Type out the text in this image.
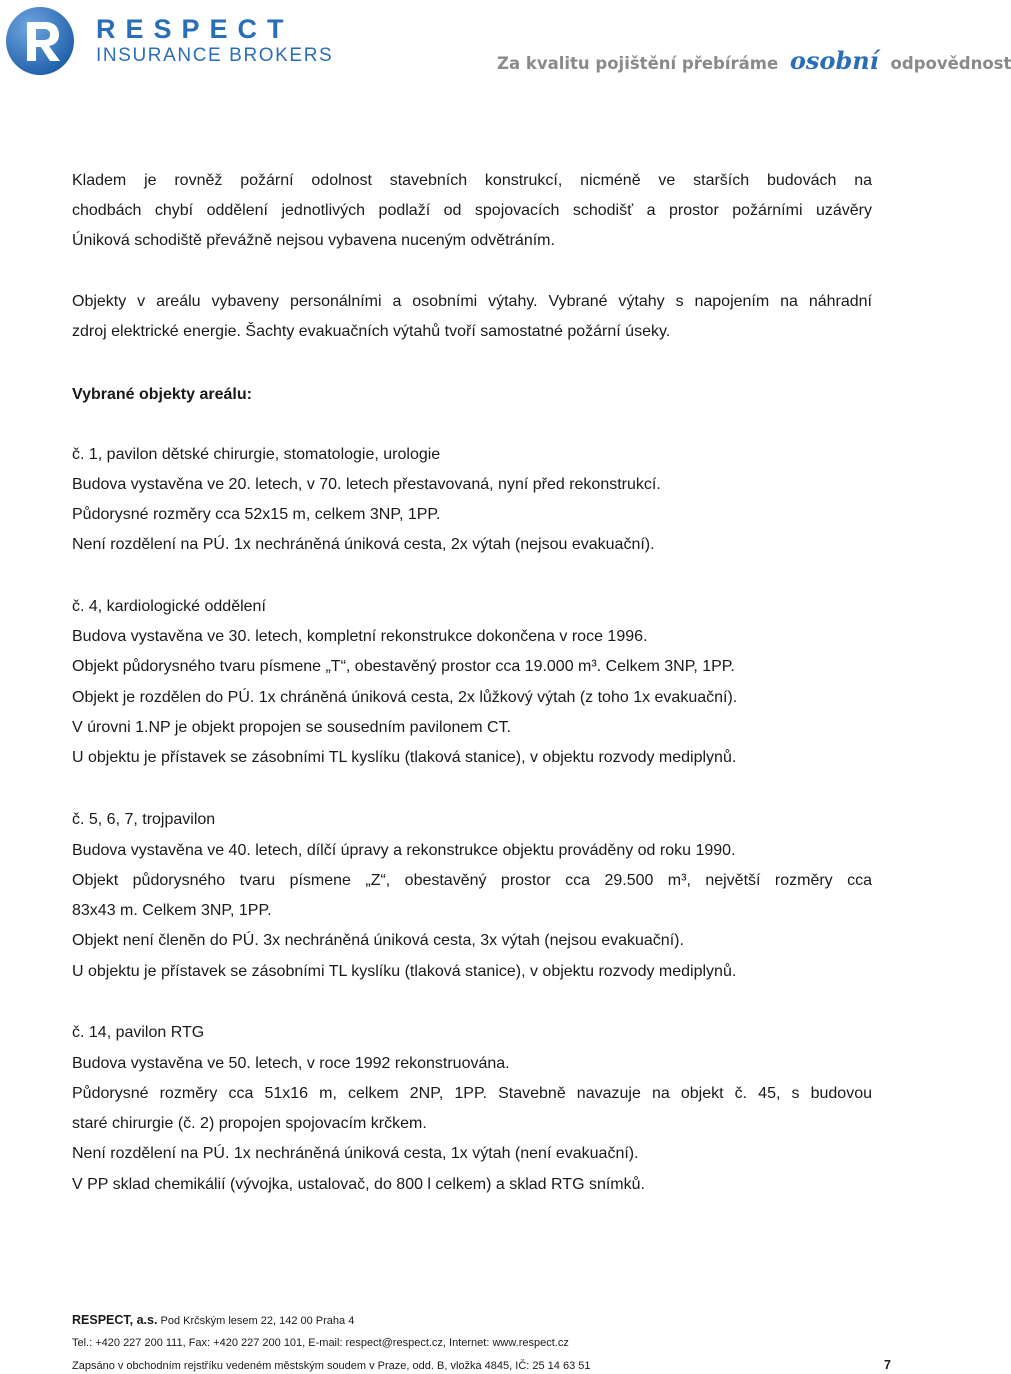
RESPECT
INSURANCE BROKERS	Za kvalitu pojištění přebíráme osobní odpovědnost
Kladem je rovněž požární odolnost stavebních konstrukcí, nicméně ve starších budovách na
chodbách chybí oddělení jednotlivých podlaží od spojovacích schodišť a prostor požárními uzávěry
Úniková schodiště převážně nejsou vybavena nuceným odvětráním.
Objekty v areálu vybaveny personálními a osobními výtahy. Vybrané výtahy s napojením na náhradní
zdroj elektrické energie. Šachty evakuačních výtahů tvoří samostatné požární úseky.
Vybrané objekty areálu:
č. 1, pavilon dětské chirurgie, stomatologie, urologie
Budova vystavěna ve 20. letech, v 70. letech přestavovaná, nyní před rekonstrukcí.
Půdorysné rozměry cca 52x15 m, celkem 3NP, 1PP.
Není rozdělení na PÚ. 1x nechráněná úniková cesta, 2x výtah (nejsou evakuační).
č. 4, kardiologické oddělení
Budova vystavěna ve 30. letech, kompletní rekonstrukce dokončena v roce 1996.
Objekt půdorysného tvaru písmene „T“, obestavěný prostor cca 19.000 m³. Celkem 3NP, 1PP.
Objekt je rozdělen do PÚ. 1x chráněná úniková cesta, 2x lůžkový výtah (z toho 1x evakuační).
V úrovni 1.NP je objekt propojen se sousedním pavilonem CT.
U objektu je přístavek se zásobními TL kyslíku (tlaková stanice), v objektu rozvody mediplynů.
č. 5, 6, 7, trojpavilon
Budova vystavěna ve 40. letech, dílčí úpravy a rekonstrukce objektu prováděny od roku 1990.
Objekt půdorysného tvaru písmene „Z“, obestavěný prostor cca 29.500 m³, největší rozměry cca
83x43 m. Celkem 3NP, 1PP.
Objekt není členěn do PÚ. 3x nechráněná úniková cesta, 3x výtah (nejsou evakuační).
U objektu je přístavek se zásobními TL kyslíku (tlaková stanice), v objektu rozvody mediplynů.
č. 14, pavilon RTG
Budova vystavěna ve 50. letech, v roce 1992 rekonstruována.
Půdorysné rozměry cca 51x16 m, celkem 2NP, 1PP. Stavebně navazuje na objekt č. 45, s budovou
staré chirurgie (č. 2) propojen spojovacím krčkem.
Není rozdělení na PÚ. 1x nechráněná úniková cesta, 1x výtah (není evakuační).
V PP sklad chemikálií (vývojka, ustalovač, do 800 l celkem) a sklad RTG snímků.
RESPECT, a.s. Pod Krčským lesem 22, 142 00 Praha 4
Tel.: +420 227 200 111, Fax: +420 227 200 101, E-mail: respect@respect.cz, Internet: www.respect.cz
Zapsáno v obchodním rejstříku vedeném městským soudem v Praze, odd. B, vložka 4845, IČ: 25 14 63 51	7
